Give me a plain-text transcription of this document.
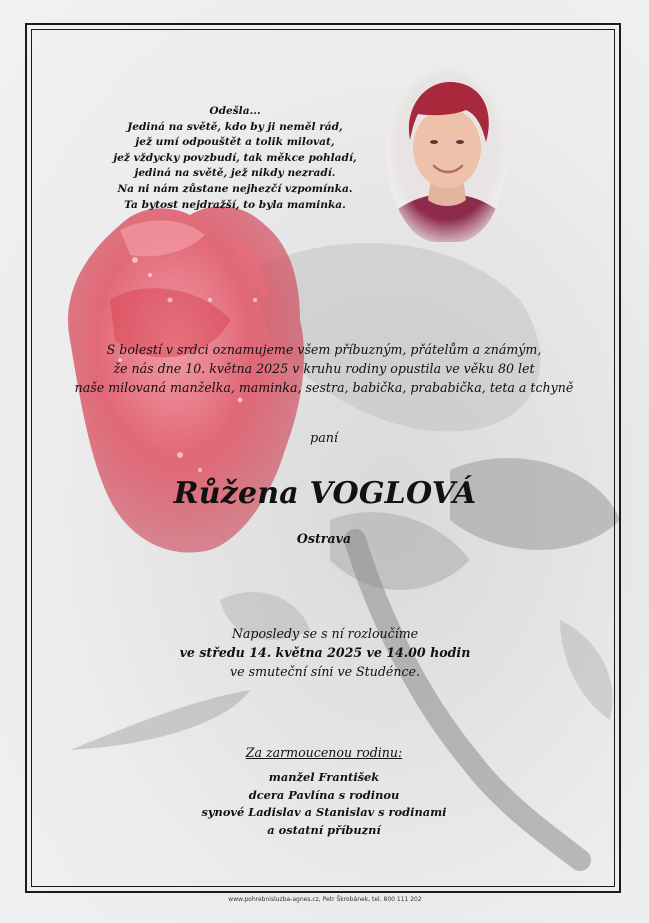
Odešla...
Jediná na světě, kdo by ji neměl rád,
jež umí odpouštět a tolik milovat,
jež vždycky povzbudí, tak měkce pohladí,
jediná na světě, jež nikdy nezradí.
Na ni nám zůstane nejhezčí vzpomínka.
Ta bytost nejdražší, to byla maminka.
S bolestí v srdci oznamujeme všem příbuzným, přátelům a známým,
že nás dne 10. května 2025 v kruhu rodiny opustila ve věku 80 let
naše milovaná manželka, maminka, sestra, babička, prababička, teta a tchyně
paní
Růžena VOGLOVÁ
Ostrava
Naposledy se s ní rozloučíme
ve středu 14. května 2025 ve 14.00 hodin
ve smuteční síni ve Studénce.
Za zarmoucenou rodinu:
manžel František
dcera Pavlína s rodinou
synové Ladislav a Stanislav s rodinami
a ostatní příbuzní
www.pohrebnisluzba-agnes.cz, Petr Škrobánek, tel. 800 111 202
